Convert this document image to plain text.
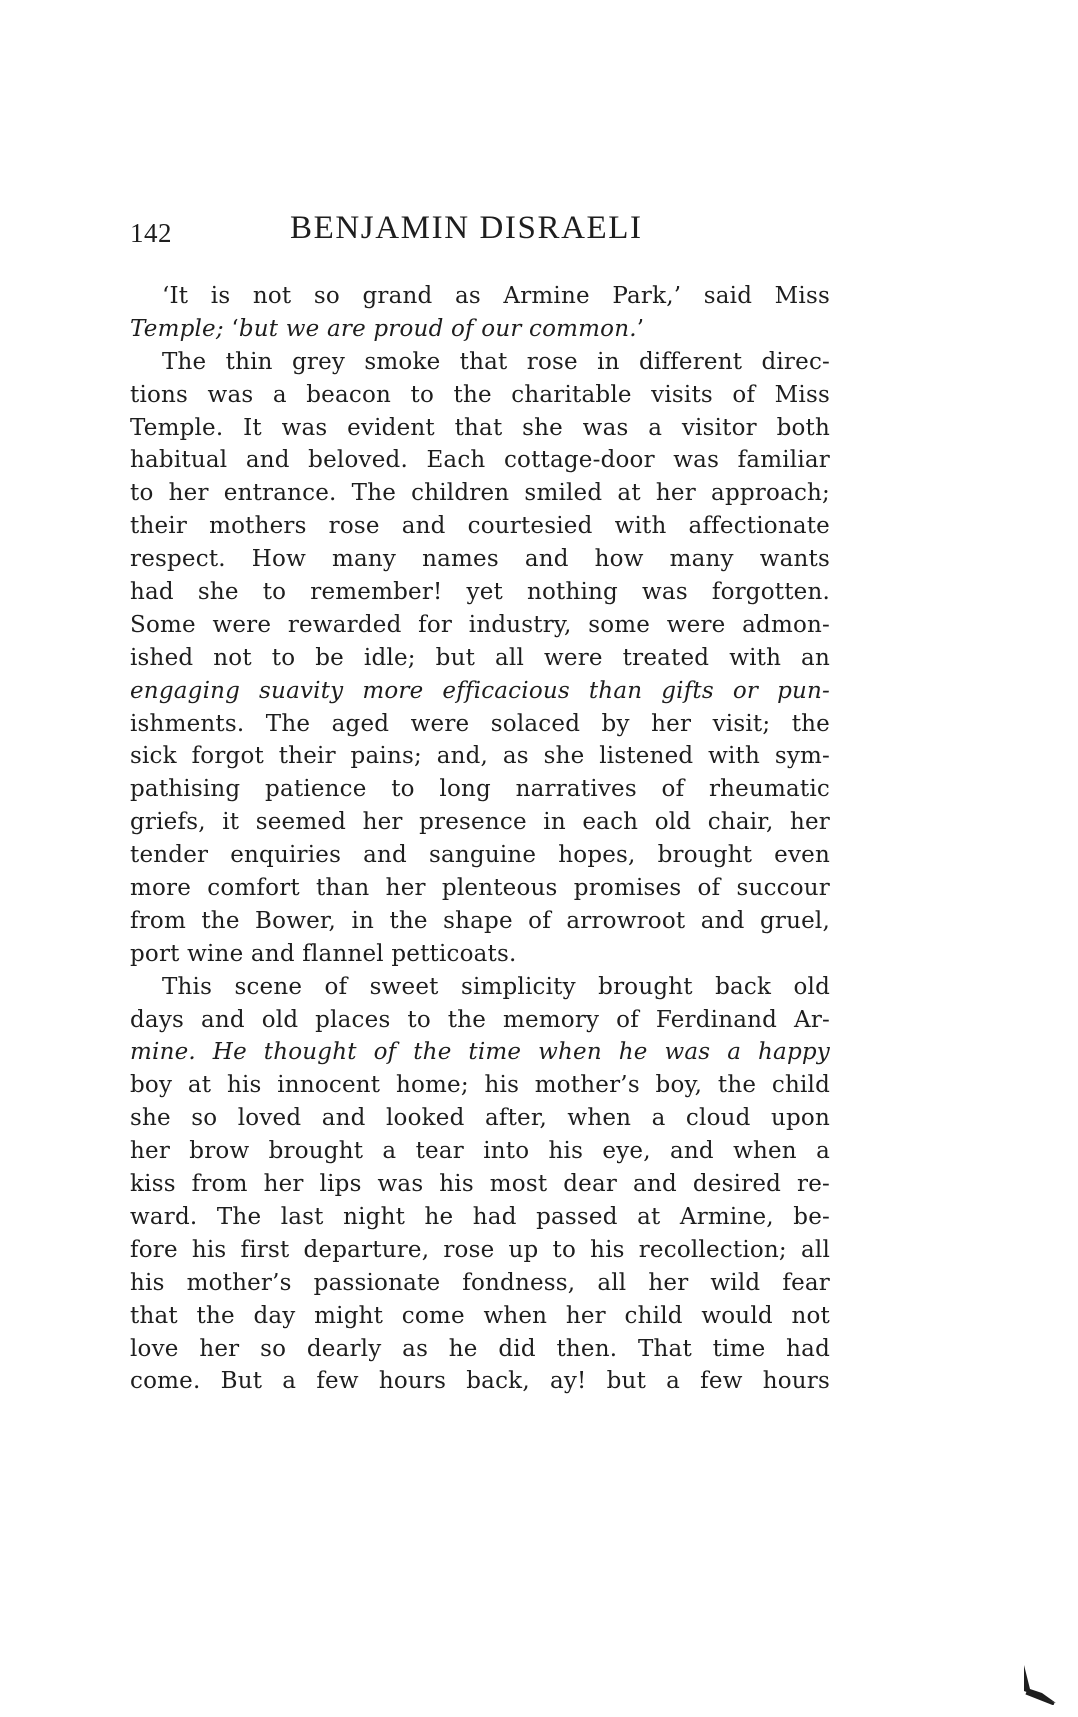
142	BENJAMIN DISRAELI
‘It is not so grand as Armine Park,’ said Miss
Temple; ‘but we are proud of our common.’
The thin grey smoke that rose in different direc-
tions was a beacon to the charitable visits of Miss
Temple. It was evident that she was a visitor both
habitual and beloved. Each cottage-door was familiar
to her entrance. The children smiled at her approach;
their mothers rose and courtesied with affectionate
respect. How many names and how many wants
had she to remember! yet nothing was forgotten.
Some were rewarded for industry, some were admon-
ished not to be idle; but all were treated with an
engaging suavity more efficacious than gifts or pun-
ishments. The aged were solaced by her visit; the
sick forgot their pains; and, as she listened with sym-
pathising patience to long narratives of rheumatic
griefs, it seemed her presence in each old chair, her
tender enquiries and sanguine hopes, brought even
more comfort than her plenteous promises of succour
from the Bower, in the shape of arrowroot and gruel,
port wine and flannel petticoats.
This scene of sweet simplicity brought back old
days and old places to the memory of Ferdinand Ar-
mine. He thought of the time when he was a happy
boy at his innocent home; his mother’s boy, the child
she so loved and looked after, when a cloud upon
her brow brought a tear into his eye, and when a
kiss from her lips was his most dear and desired re-
ward. The last night he had passed at Armine, be-
fore his first departure, rose up to his recollection; all
his mother’s passionate fondness, all her wild fear
that the day might come when her child would not
love her so dearly as he did then. That time had
come. But a few hours back, ay! but a few hours
